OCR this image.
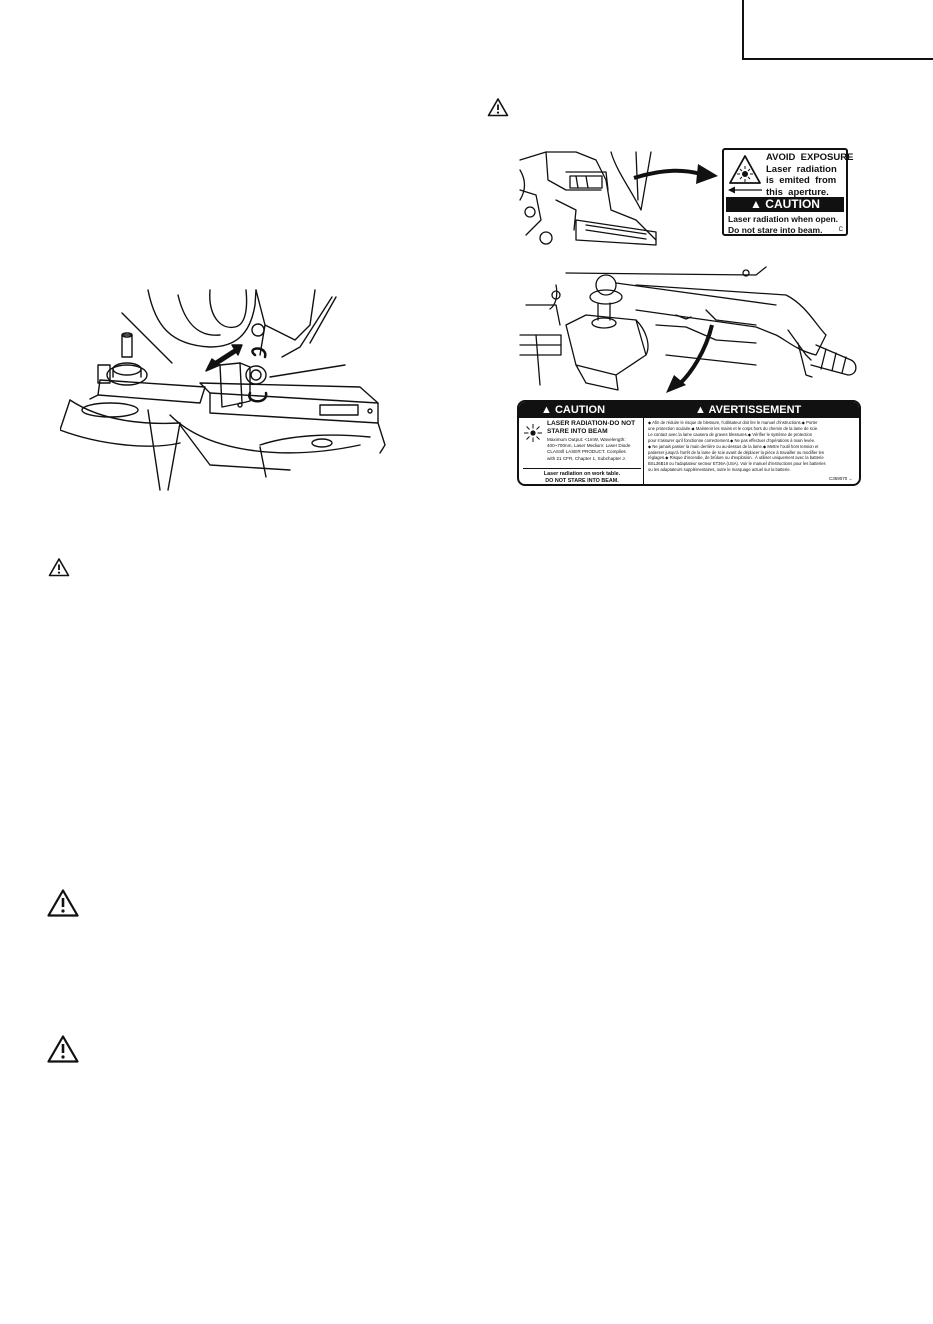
AVOID  EXPOSURE
Laser  radiation
is  emited  from
this  aperture.
▲ CAUTION
Laser radiation when open.
Do not stare into beam.	C
▲ CAUTION	▲ AVERTISSEMENT
LASER RADIATION-DO NOT
STARE INTO BEAM
Maximum Output: <1mW, Wavelength:
400~700nm, Laser Medium: Laser Diode
CLASSⅡ LASER PRODUCT. Complies
with 21 CFR, Chapter 1, Subchapter J.
Laser radiation on work table.
DO NOT STARE INTO BEAM.
◆ Afin de réduire le risque de blessure, l'utilisateur doit lire le manuel d'instructions.◆ Porter
une protection oculaire.◆ Maintenir les mains et le corps hors du chemin de la lame de scie.
Le contact avec la lame causera de graves blessures.◆ Vérifier le système de protection
pour s'assurer qu'il fonctionne correctement.◆ Ne pas effectuer d'opérations à main levée.
◆ Ne jamais passer la main derrière ou au-dessus de la lame.◆ Mettre l'outil hors tension et
patienter jusqu'à l'arrêt de la lame de scie avant de déplacer la pièce à travailler ou modifier les
réglages.◆ Risque d'incendie, de brûlure ou d'explosion.  À utiliser uniquement avec la batterie
BSL36B18 ou l'adaptateur secteur ET36A (USA). Voir le manuel d'instructions pour les batteries
ou les adaptateurs supplémentaires, outre le marquage actuel sur la batterie.
C359070 ←
